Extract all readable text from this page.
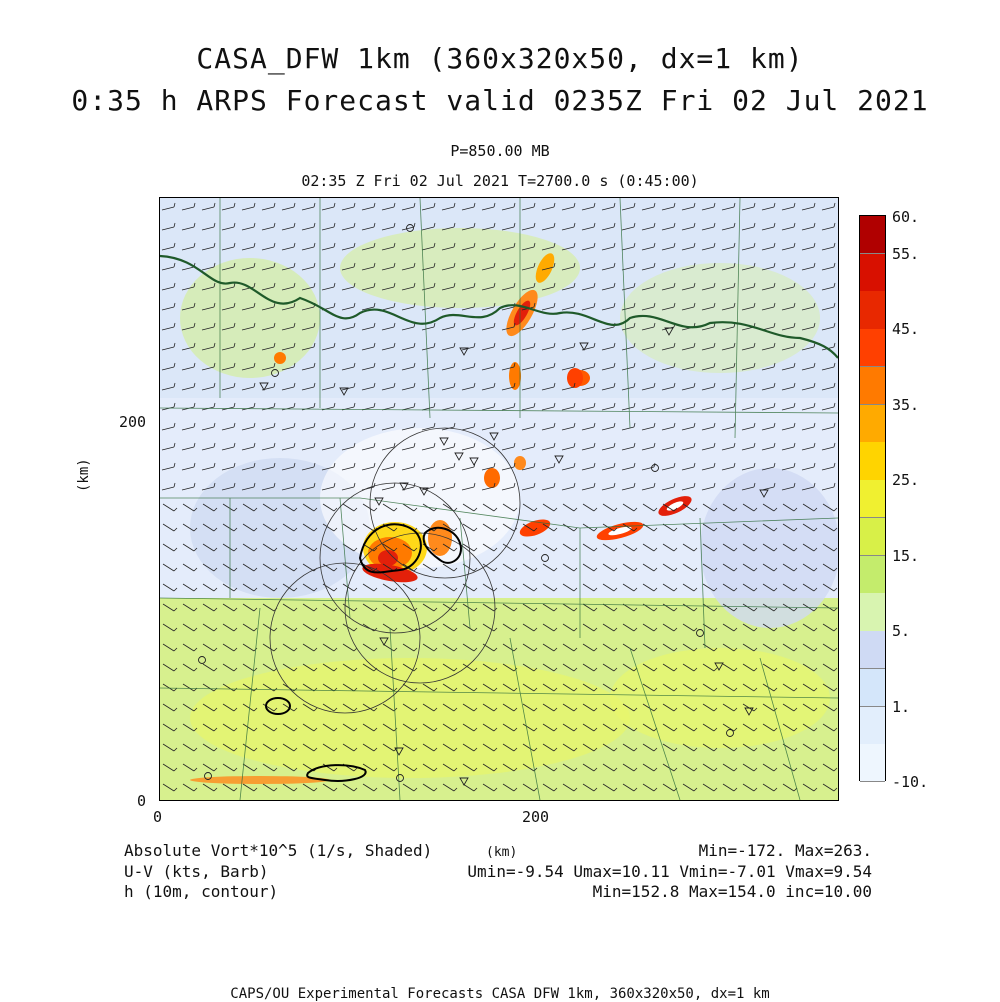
CASA_DFW 1km (360x320x50, dx=1 km)
0:35 h ARPS Forecast valid 0235Z Fri 02 Jul 2021
P=850.00 MB
02:35 Z Fri 02 Jul 2021 T=2700.0 s (0:45:00)
(km)
200
0
0	200
(km)
60.
55.
45.
35.
25.
15.
5.
1.
-10.
Absolute Vort*10^5 (1/s, Shaded)
U-V (kts, Barb)
h (10m, contour)
Min=-172. Max=263.
Umin=-9.54 Umax=10.11 Vmin=-7.01 Vmax=9.54
Min=152.8 Max=154.0 inc=10.00
CAPS/OU Experimental Forecasts CASA DFW 1km, 360x320x50, dx=1 km
